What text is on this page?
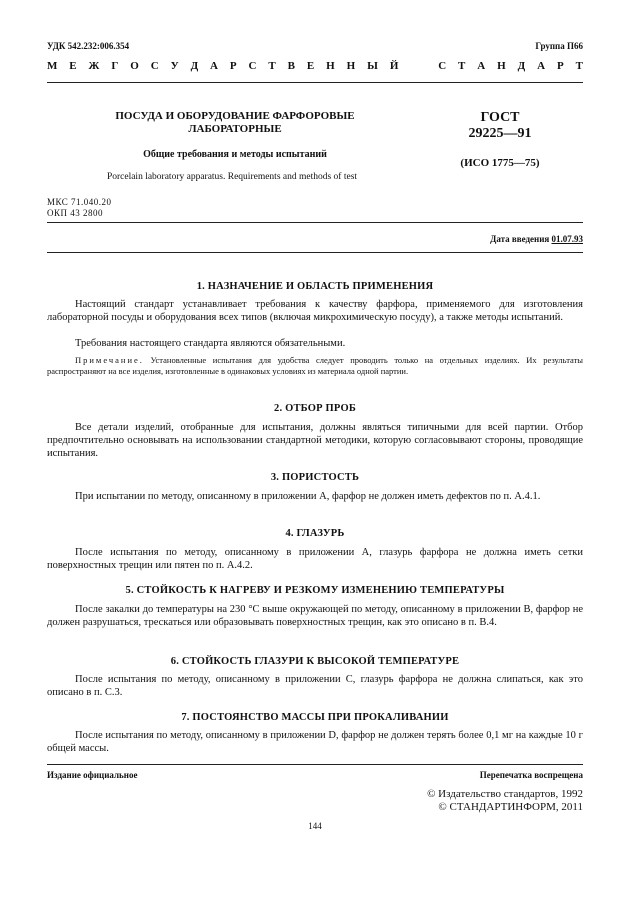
УДК 542.232:006.354	Группа П66
М Е Ж Г О С У Д А Р С Т В Е Н Н Ы Й	С Т А Н Д А Р Т
ПОСУДА И ОБОРУДОВАНИЕ ФАРФОРОВЫЕ
ЛАБОРАТОРНЫЕ
Общие требования и методы испытаний
Porcelain laboratory apparatus. Requirements and methods of test
ГОСТ
29225—91
(ИСО 1775—75)
МКС 71.040.20
ОКП 43 2800
Дата введения 01.07.93
1. НАЗНАЧЕНИЕ И ОБЛАСТЬ ПРИМЕНЕНИЯ
Настоящий стандарт устанавливает требования к качеству фарфора, применяемого для изготовления лабораторной посуды и оборудования всех типов (включая микрохимическую посуду), а также методы испытаний.
Требования настоящего стандарта являются обязательными.
Примечание. Установленные испытания для удобства следует проводить только на отдельных изделиях. Их результаты распространяют на все изделия, изготовленные в одинаковых условиях из материала одной партии.
2. ОТБОР ПРОБ
Все детали изделий, отобранные для испытания, должны являться типичными для всей партии. Отбор предпочтительно основывать на использовании стандартной методики, которую согласовывают стороны, проводящие испытания.
3. ПОРИСТОСТЬ
При испытании по методу, описанному в приложении А, фарфор не должен иметь дефектов по п. А.4.1.
4. ГЛАЗУРЬ
После испытания по методу, описанному в приложении А, глазурь фарфора не должна иметь сетки поверхностных трещин или пятен по п. А.4.2.
5. СТОЙКОСТЬ К НАГРЕВУ И РЕЗКОМУ ИЗМЕНЕНИЮ ТЕМПЕРАТУРЫ
После закалки до температуры на 230 °С выше окружающей по методу, описанному в приложении В, фарфор не должен разрушаться, трескаться или образовывать поверхностных трещин, как это описано в п. В.4.
6. СТОЙКОСТЬ ГЛАЗУРИ К ВЫСОКОЙ ТЕМПЕРАТУРЕ
После испытания по методу, описанному в приложении С, глазурь фарфора не должна слипаться, как это описано в п. С.3.
7. ПОСТОЯНСТВО МАССЫ ПРИ ПРОКАЛИВАНИИ
После испытания по методу, описанному в приложении D, фарфор не должен терять более 0,1 мг на каждые 10 г общей массы.
Издание официальное	Перепечатка воспрещена
© Издательство стандартов, 1992
© СТАНДАРТИНФОРМ, 2011
144
